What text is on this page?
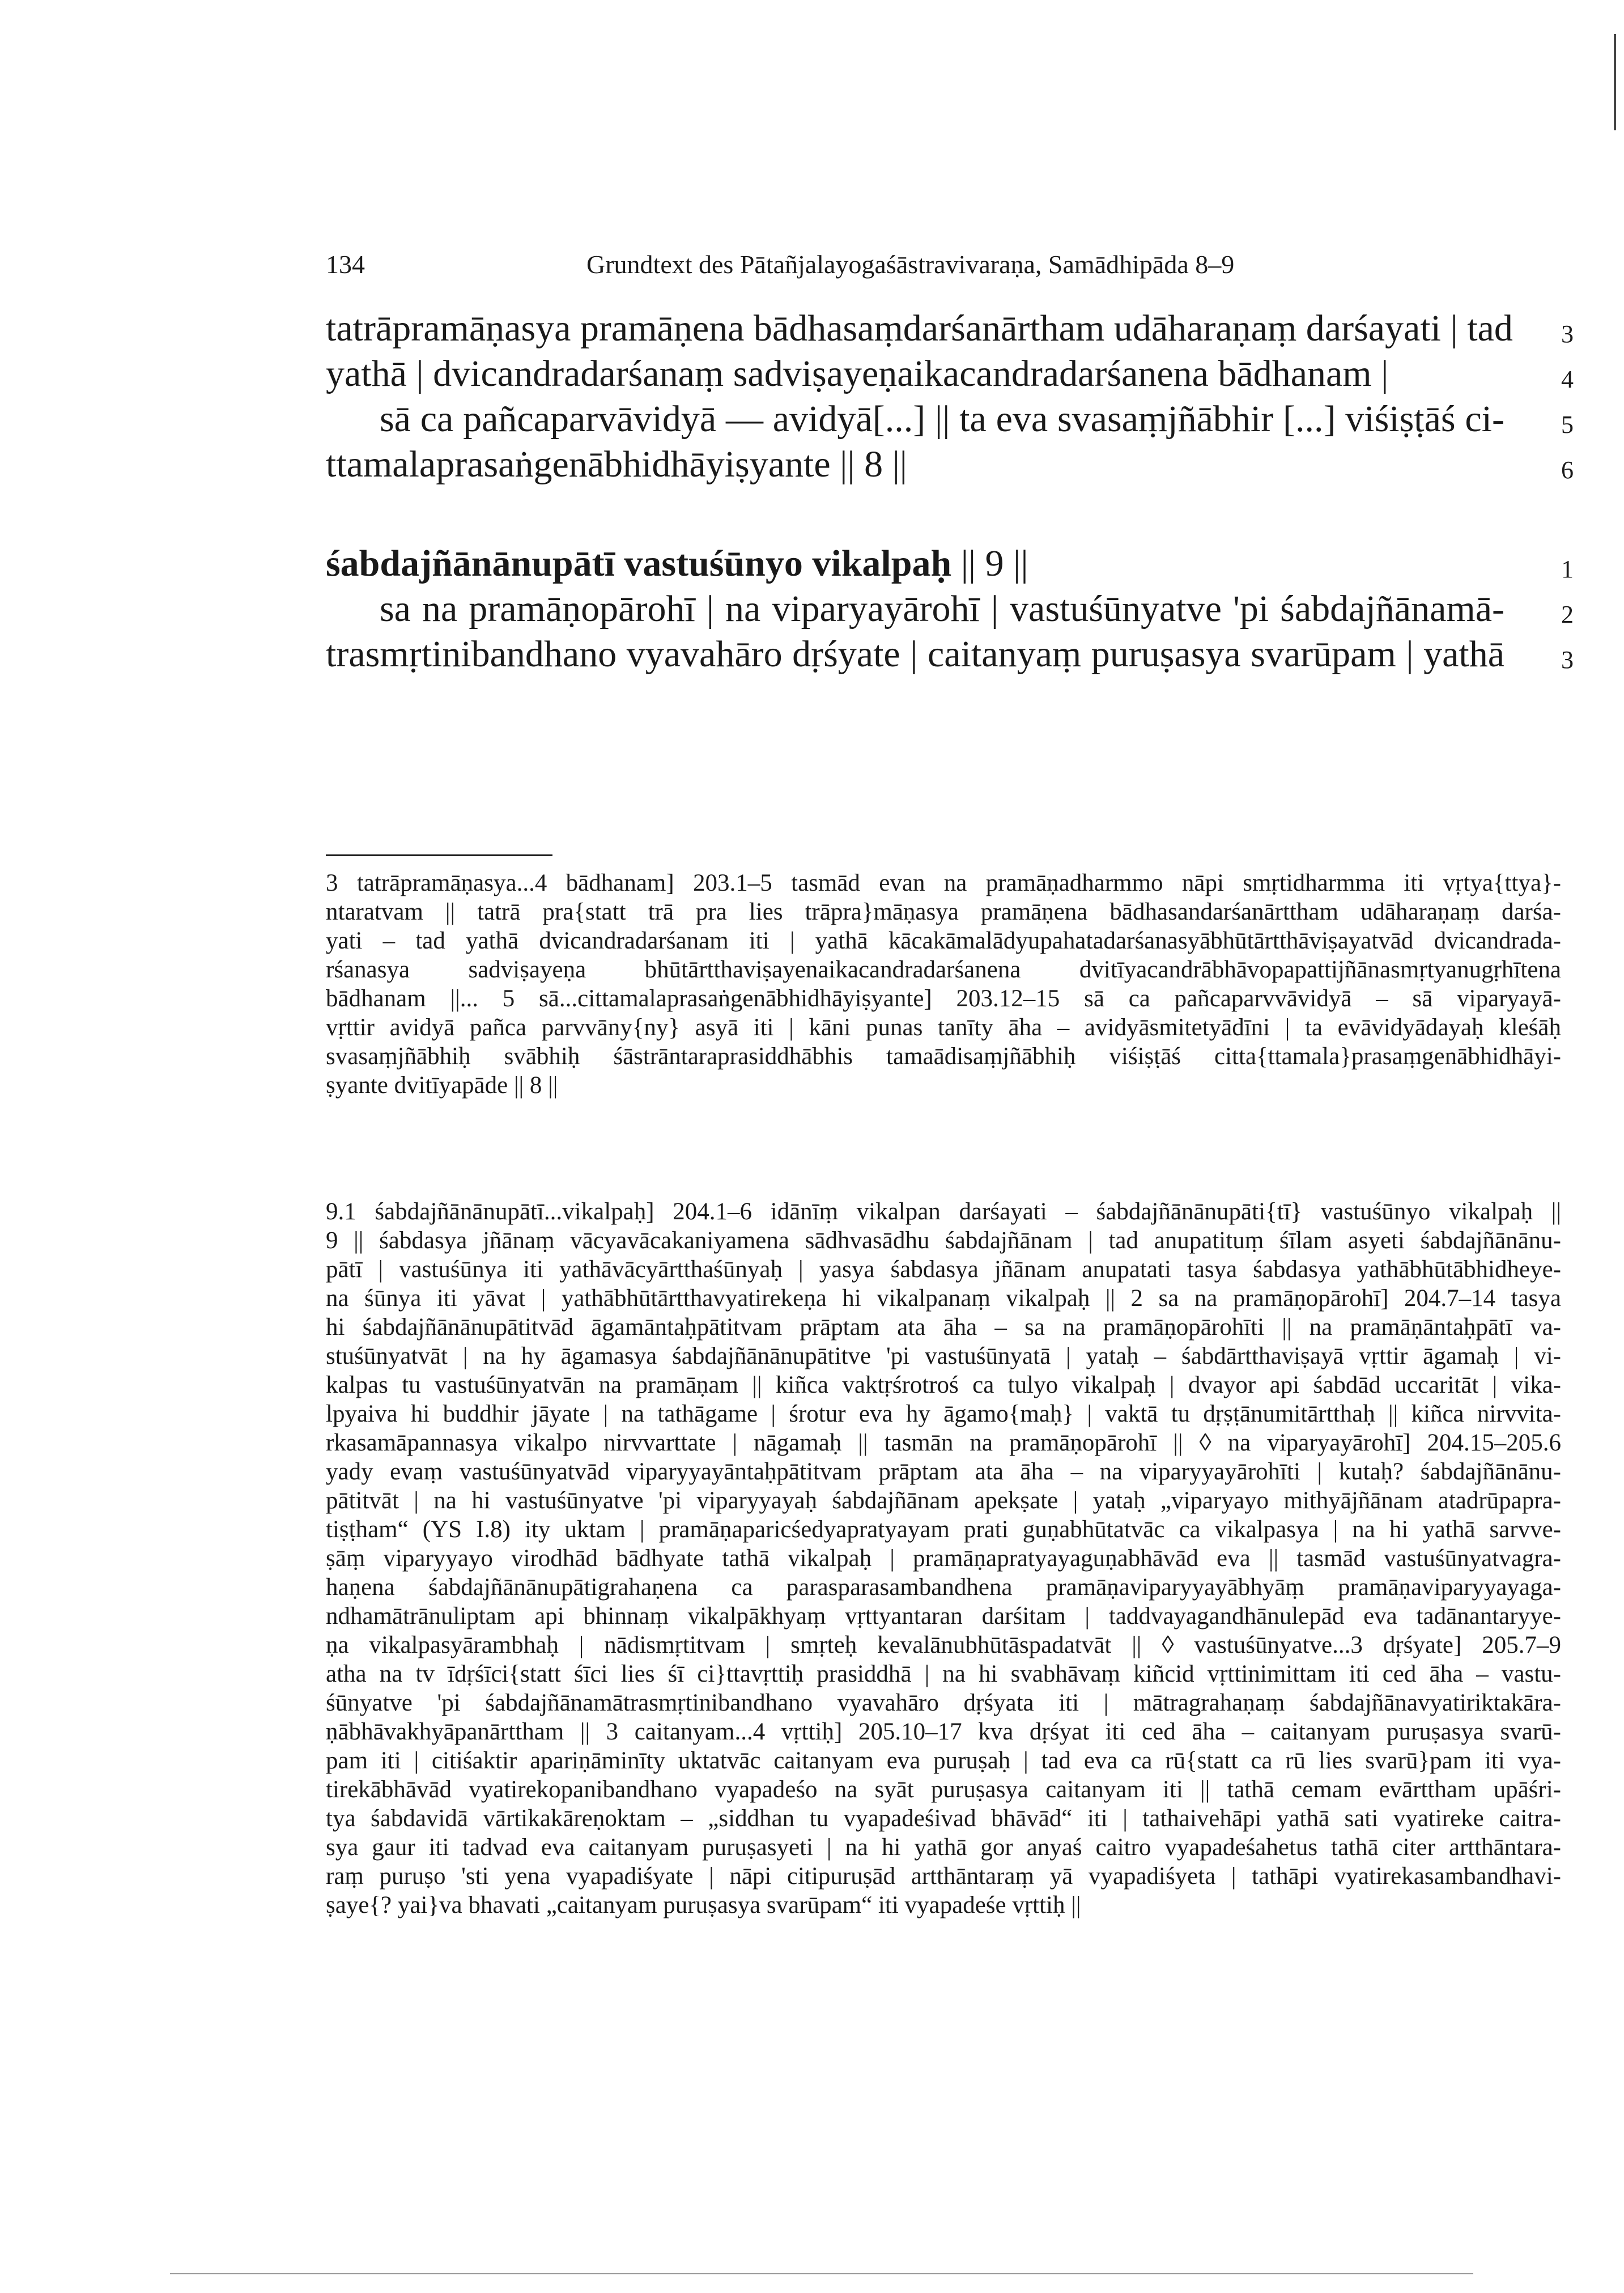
134	Grundtext des Pātañjalayogaśāstravivaraṇa, Samādhipāda 8–9
tatrāpramāṇasya pramāṇena bādhasaṃdarśanārtham udāharaṇaṃ darśayati | tad 3
yathā | dvicandradarśanaṃ sadviṣayeṇaikacandradarśanena bādhanam |	4
sā ca pañcaparvāvidyā — avidyā[...] || ta eva svasaṃjñābhir [...] viśiṣṭāś ci- 5
ttamalaprasaṅgenābhidhāyiṣyante || 8 ||	6
śabdajñānānupātī vastuśūnyo vikalpaḥ || 9 ||	1
sa na pramāṇopārohī | na viparyayārohī | vastuśūnyatve 'pi śabdajñānamā- 2
trasmṛtinibandhano vyavahāro dṛśyate | caitanyaṃ puruṣasya svarūpam | yathā 3
3 tatrāpramāṇasya...4 bādhanam] 203.1–5 tasmād evan na pramāṇadharmmo nāpi smṛtidharmma iti vṛtya{ttya}-
ntaratvam || tatrā pra{statt trā pra lies trāpra}māṇasya pramāṇena bādhasandarśanārttham udāharaṇaṃ darśa-
yati – tad yathā dvicandradarśanam iti | yathā kācakāmalādyupahatadarśanasyābhūtārtthāviṣayatvād dvicandrada-
rśanasya sadviṣayeṇa bhūtārtthaviṣayenaikacandradarśanena dvitīyacandrābhāvopapattijñānasmṛtyanugṛhītena
bādhanam ||... 5 sā...cittamalaprasaṅgenābhidhāyiṣyante] 203.12–15 sā ca pañcaparvvāvidyā – sā viparyayā-
vṛttir avidyā pañca parvvāny{ny} asyā iti | kāni punas tanīty āha – avidyāsmitetyādīni | ta evāvidyādayaḥ kleśāḥ
svasaṃjñābhiḥ svābhiḥ śāstrāntaraprasiddhābhis tamaādisaṃjñābhiḥ viśiṣṭāś citta{ttamala}prasaṃgenābhidhāyi-
ṣyante dvitīyapāde || 8 ||
9.1 śabdajñānānupātī...vikalpaḥ] 204.1–6 idānīṃ vikalpan darśayati – śabdajñānānupāti{tī} vastuśūnyo vikalpaḥ ||
9 || śabdasya jñānaṃ vācyavācakaniyamena sādhvasādhu śabdajñānam | tad anupatituṃ śīlam asyeti śabdajñānānu-
pātī | vastuśūnya iti yathāvācyārtthaśūnyaḥ | yasya śabdasya jñānam anupatati tasya śabdasya yathābhūtābhidheye-
na śūnya iti yāvat | yathābhūtārtthavyatirekeṇa hi vikalpanaṃ vikalpaḥ || 2 sa na pramāṇopārohī] 204.7–14 tasya
hi śabdajñānānupātitvād āgamāntaḥpātitvam prāptam ata āha – sa na pramāṇopārohīti || na pramāṇāntaḥpātī va-
stuśūnyatvāt | na hy āgamasya śabdajñānānupātitve 'pi vastuśūnyatā | yataḥ – śabdārtthaviṣayā vṛttir āgamaḥ | vi-
kalpas tu vastuśūnyatvān na pramāṇam || kiñca vaktṛśrotroś ca tulyo vikalpaḥ | dvayor api śabdād uccaritāt | vika-
lpyaiva hi buddhir jāyate | na tathāgame | śrotur eva hy āgamo{maḥ} | vaktā tu dṛṣṭānumitārtthaḥ || kiñca nirvvita-
rkasamāpannasya vikalpo nirvvarttate | nāgamaḥ || tasmān na pramāṇopārohī || ◊ na viparyayārohī] 204.15–205.6
yady evaṃ vastuśūnyatvād viparyyayāntaḥpātitvam prāptam ata āha – na viparyyayārohīti | kutaḥ? śabdajñānānu-
pātitvāt | na hi vastuśūnyatve 'pi viparyyayaḥ śabdajñānam apekṣate | yataḥ „viparyayo mithyājñānam atadrūpapra-
tiṣṭham“ (YS I.8) ity uktam | pramāṇaparicśedyapratyayam prati guṇabhūtatvāc ca vikalpasya | na hi yathā sarvve-
ṣāṃ viparyyayo virodhād bādhyate tathā vikalpaḥ | pramāṇapratyayaguṇabhāvād eva || tasmād vastuśūnyatvagra-
haṇena śabdajñānānupātigrahaṇena ca parasparasambandhena pramāṇaviparyyayābhyāṃ pramāṇaviparyyayaga-
ndhamātrānuliptam api bhinnaṃ vikalpākhyaṃ vṛttyantaran darśitam | taddvayagandhānulepād eva tadānantaryye-
ṇa vikalpasyārambhaḥ | nādismṛtitvam | smṛteḥ kevalānubhūtāspadatvāt || ◊ vastuśūnyatve...3 dṛśyate] 205.7–9
atha na tv īdṛśīci{statt śīci lies śī ci}ttavṛttiḥ prasiddhā | na hi svabhāvaṃ kiñcid vṛttinimittam iti ced āha – vastu-
śūnyatve 'pi śabdajñānamātrasmṛtinibandhano vyavahāro dṛśyata iti | mātragrahaṇaṃ śabdajñānavyatiriktakāra-
ṇābhāvakhyāpanārttham || 3 caitanyam...4 vṛttiḥ] 205.10–17 kva dṛśyat iti ced āha – caitanyam puruṣasya svarū-
pam iti | citiśaktir apariṇāminīty uktatvāc caitanyam eva puruṣaḥ | tad eva ca rū{statt ca rū lies svarū}pam iti vya-
tirekābhāvād vyatirekopanibandhano vyapadeśo na syāt puruṣasya caitanyam iti || tathā cemam evārttham upāśri-
tya śabdavidā vārtikakāreṇoktam – „siddhan tu vyapadeśivad bhāvād“ iti | tathaivehāpi yathā sati vyatireke caitra-
sya gaur iti tadvad eva caitanyam puruṣasyeti | na hi yathā gor anyaś caitro vyapadeśahetus tathā citer artthāntara-
raṃ puruṣo 'sti yena vyapadiśyate | nāpi citipuruṣād artthāntaraṃ yā vyapadiśyeta | tathāpi vyatirekasambandhavi-
ṣaye{? yai}va bhavati „caitanyam puruṣasya svarūpam“ iti vyapadeśe vṛttiḥ ||
